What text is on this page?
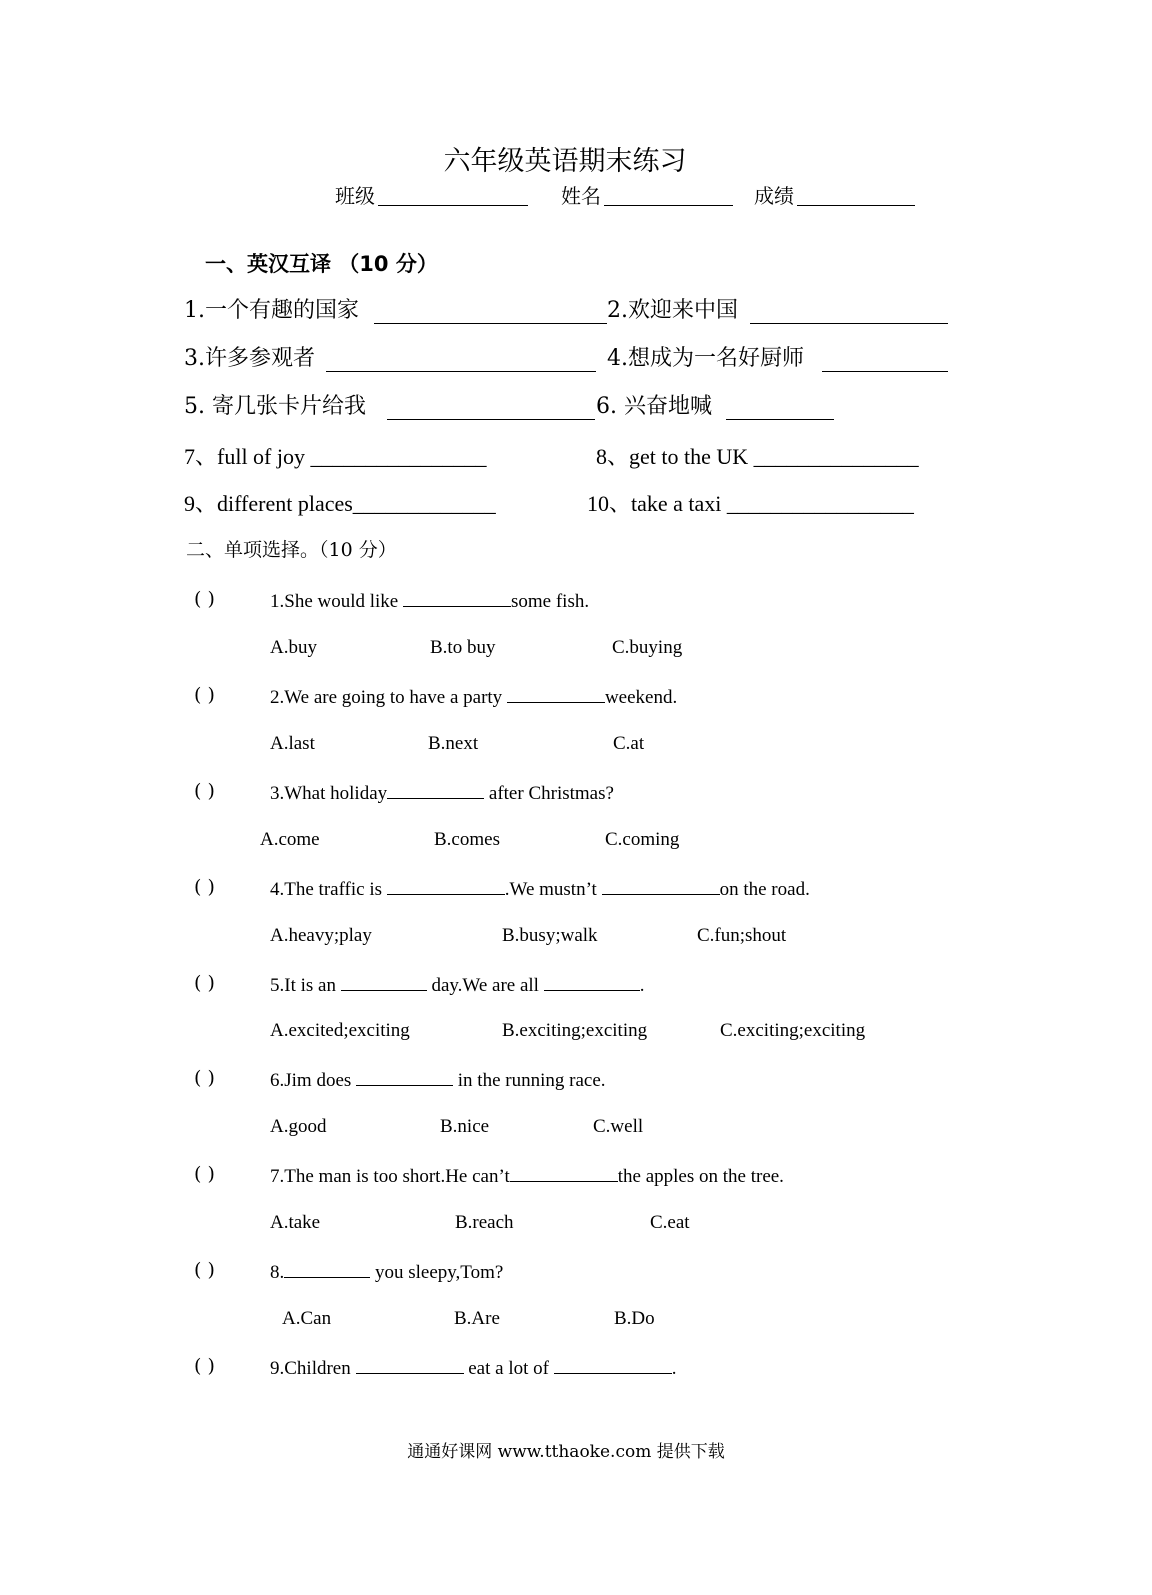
六年级英语期末练习
班级	姓名	成绩
一、英汉互译 （10 分）
1.一个有趣的国家	2.欢迎来中国
3.许多参观者	4.想成为一名好厨师
5. 寄几张卡片给我	6. 兴奋地喊
7、full of joy ________________	8、get to the UK _______________
9、different places_____________	10、take a taxi _________________
二、单项选择。（10 分）
( )	1.She would like	some fish.
A.buy	B.to buy	C.buying
( )	2.We are going to have a party	weekend.
A.last	B.next	C.at
( )	3.What holiday	after Christmas?
A.come	B.comes	C.coming
( )	4.The traffic is	.We mustn’t	on the road.
A.heavy;play	B.busy;walk	C.fun;shout
( )	5.It is an	day.We are all	.
A.excited;exciting	B.exciting;exciting	C.exciting;exciting
( )	6.Jim does	in the running race.
A.good	B.nice	C.well
( )	7.The man is too short.He can’t	the apples on the tree.
A.take	B.reach	C.eat
( )	8.	you sleepy,Tom?
A.Can	B.Are	B.Do
( )	9.Children	eat a lot of	.
通通好课网 www.tthaoke.com 提供下载
